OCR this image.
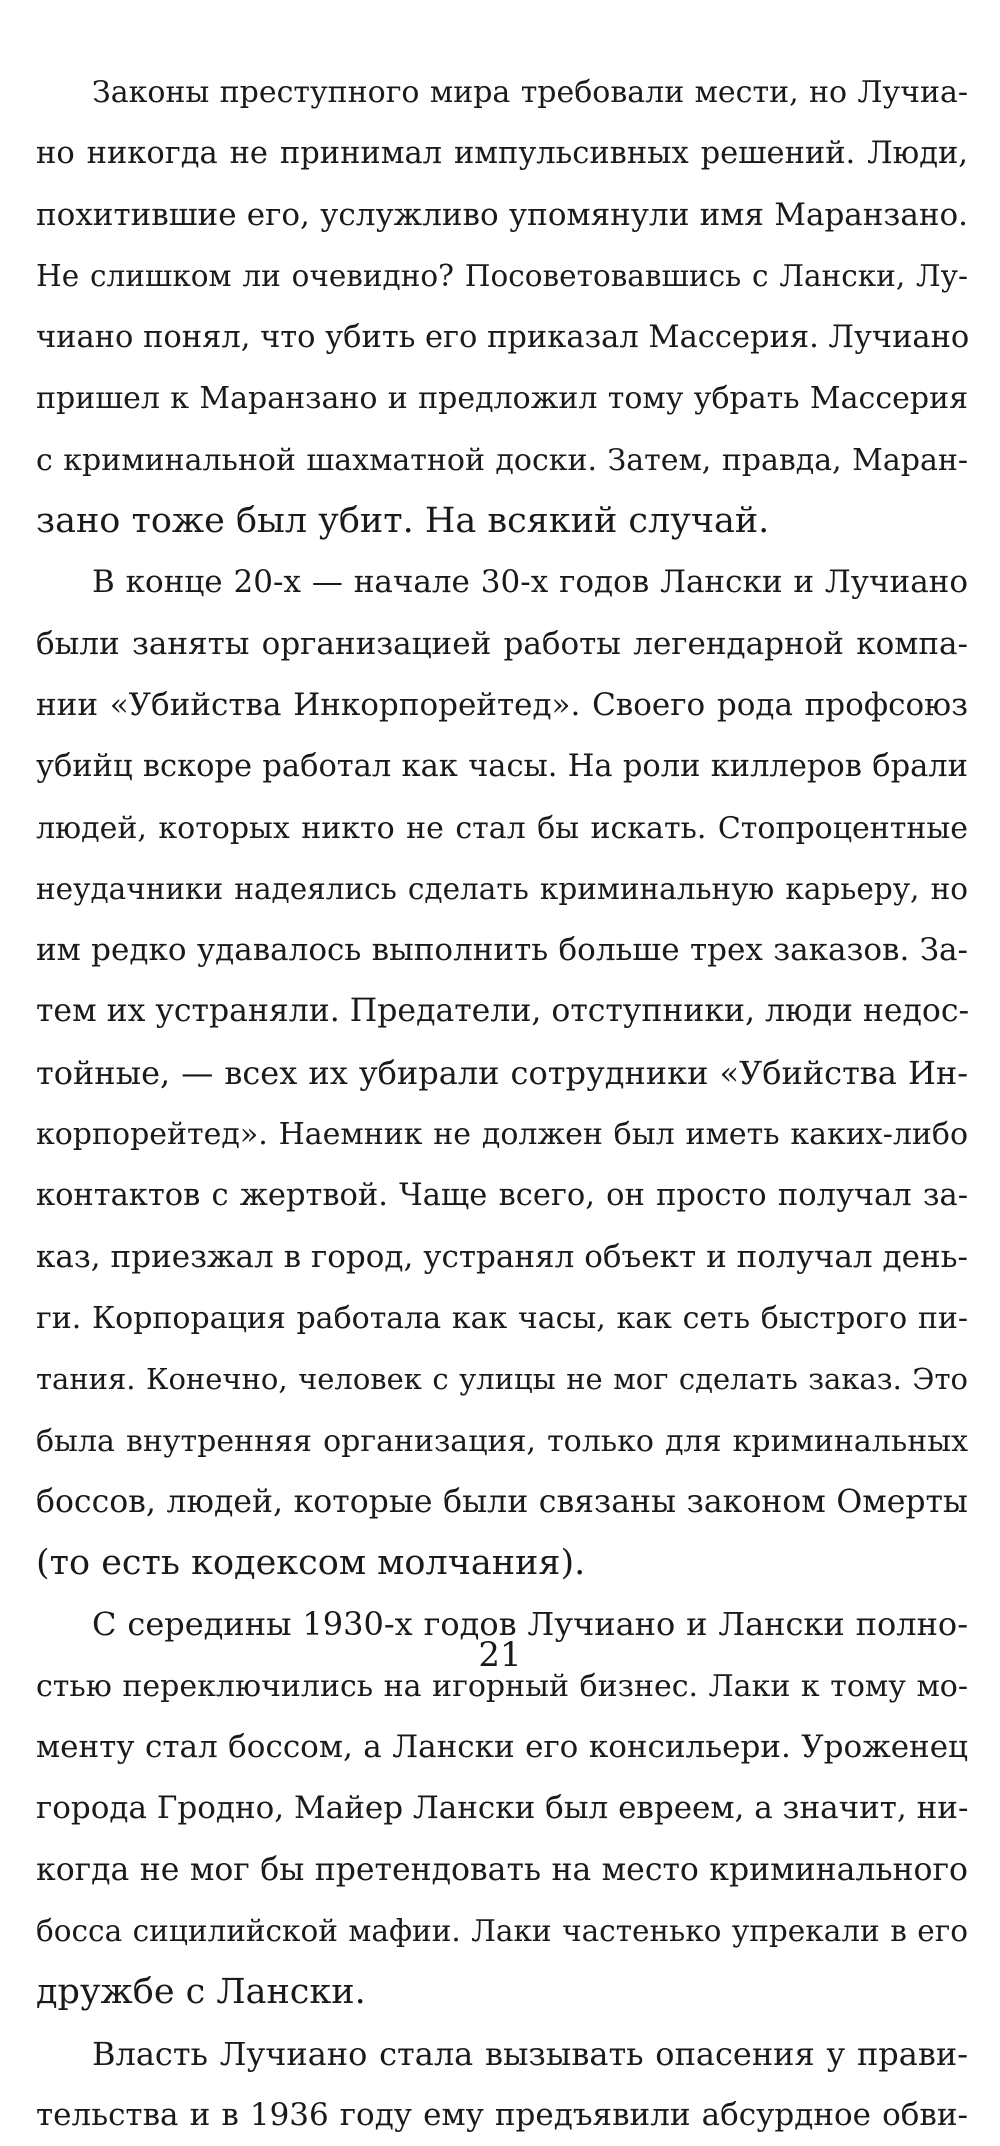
Законы преступного мира требовали мести, но Лучиа-
но никогда не принимал импульсивных решений. Люди,
похитившие его, услужливо упомянули имя Маранзано.
Не слишком ли очевидно? Посоветовавшись с Лански, Лу-
чиано понял, что убить его приказал Массерия. Лучиано
пришел к Маранзано и предложил тому убрать Массерия
с криминальной шахматной доски. Затем, правда, Маран-
зано тоже был убит. На всякий случай.

В конце 20-х — начале 30-х годов Лански и Лучиано
были заняты организацией работы легендарной компа-
нии «Убийства Инкорпорейтед». Своего рода профсоюз
убийц вскоре работал как часы. На роли киллеров брали
людей, которых никто не стал бы искать. Стопроцентные
неудачники надеялись сделать криминальную карьеру, но
им редко удавалось выполнить больше трех заказов. За-
тем их устраняли. Предатели, отступники, люди недос-
тойные, — всех их убирали сотрудники «Убийства Ин-
корпорейтед». Наемник не должен был иметь каких-либо
контактов с жертвой. Чаще всего, он просто получал за-
каз, приезжал в город, устранял объект и получал день-
ги. Корпорация работала как часы, как сеть быстрого пи-
тания. Конечно, человек с улицы не мог сделать заказ. Это
была внутренняя организация, только для криминальных
боссов, людей, которые были связаны законом Омерты
(то есть кодексом молчания).

С середины 1930-х годов Лучиано и Лански полно-
стью переключились на игорный бизнес. Лаки к тому мо-
менту стал боссом, а Лански его консильери. Уроженец
города Гродно, Майер Лански был евреем, а значит, ни-
когда не мог бы претендовать на место криминального
босса сицилийской мафии. Лаки частенько упрекали в его
дружбе с Лански.

Власть Лучиано стала вызывать опасения у прави-
тельства и в 1936 году ему предъявили абсурдное обви-

21
